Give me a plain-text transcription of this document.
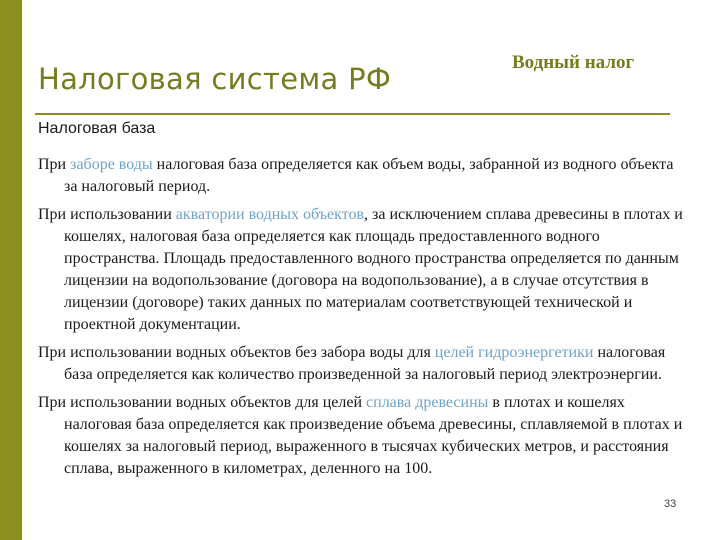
Налоговая система РФ	Водный налог

Налоговая база

При заборе воды налоговая база определяется как объем воды, забранной из водного объекта за налоговый период.

При использовании акватории водных объектов, за исключением сплава древесины в плотах и кошелях, налоговая база определяется как площадь предоставленного водного пространства. Площадь предоставленного водного пространства определяется по данным лицензии на водопользование (договора на водопользование), а в случае отсутствия в лицензии (договоре) таких данных по материалам соответствующей технической и проектной документации.

При использовании водных объектов без забора воды для целей гидроэнергетики налоговая база определяется как количество произведенной за налоговый период электроэнергии.

При использовании водных объектов для целей сплава древесины в плотах и кошелях налоговая база определяется как произведение объема древесины, сплавляемой в плотах и кошелях за налоговый период, выраженного в тысячах кубических метров, и расстояния сплава, выраженного в километрах, деленного на 100.

33
